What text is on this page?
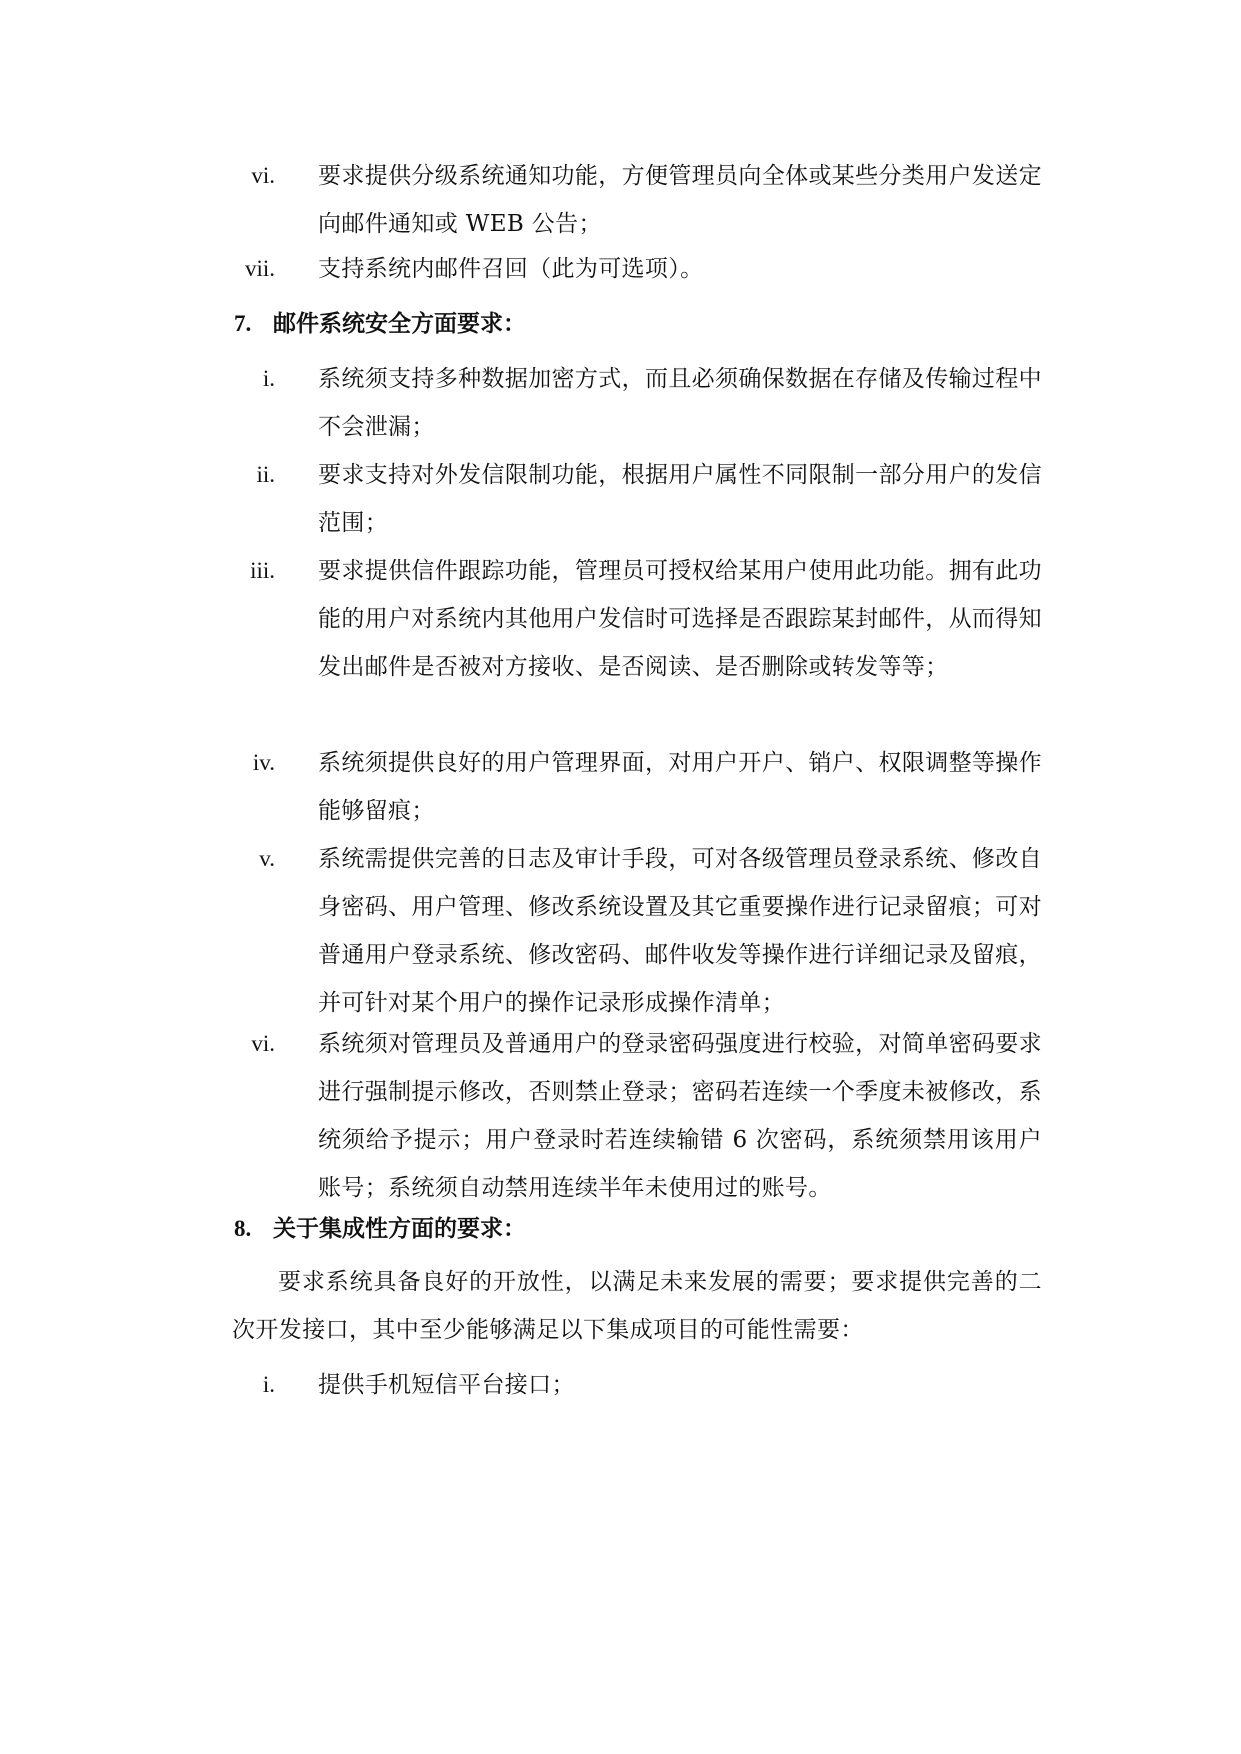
vi. 要求提供分级系统通知功能，方便管理员向全体或某些分类用户发送定向邮件通知或 WEB 公告；
vii. 支持系统内邮件召回（此为可选项）。
7. 邮件系统安全方面要求：
i. 系统须支持多种数据加密方式，而且必须确保数据在存储及传输过程中不会泄漏；
ii. 要求支持对外发信限制功能，根据用户属性不同限制一部分用户的发信范围；
iii. 要求提供信件跟踪功能，管理员可授权给某用户使用此功能。拥有此功能的用户对系统内其他用户发信时可选择是否跟踪某封邮件，从而得知发出邮件是否被对方接收、是否阅读、是否删除或转发等等；
iv. 系统须提供良好的用户管理界面，对用户开户、销户、权限调整等操作能够留痕；
v. 系统需提供完善的日志及审计手段，可对各级管理员登录系统、修改自身密码、用户管理、修改系统设置及其它重要操作进行记录留痕；可对普通用户登录系统、修改密码、邮件收发等操作进行详细记录及留痕，并可针对某个用户的操作记录形成操作清单；
vi. 系统须对管理员及普通用户的登录密码强度进行校验，对简单密码要求进行强制提示修改，否则禁止登录；密码若连续一个季度未被修改，系统须给予提示；用户登录时若连续输错 6 次密码，系统须禁用该用户账号；系统须自动禁用连续半年未使用过的账号。
8. 关于集成性方面的要求：
要求系统具备良好的开放性，以满足未来发展的需要；要求提供完善的二次开发接口，其中至少能够满足以下集成项目的可能性需要：
i. 提供手机短信平台接口；
